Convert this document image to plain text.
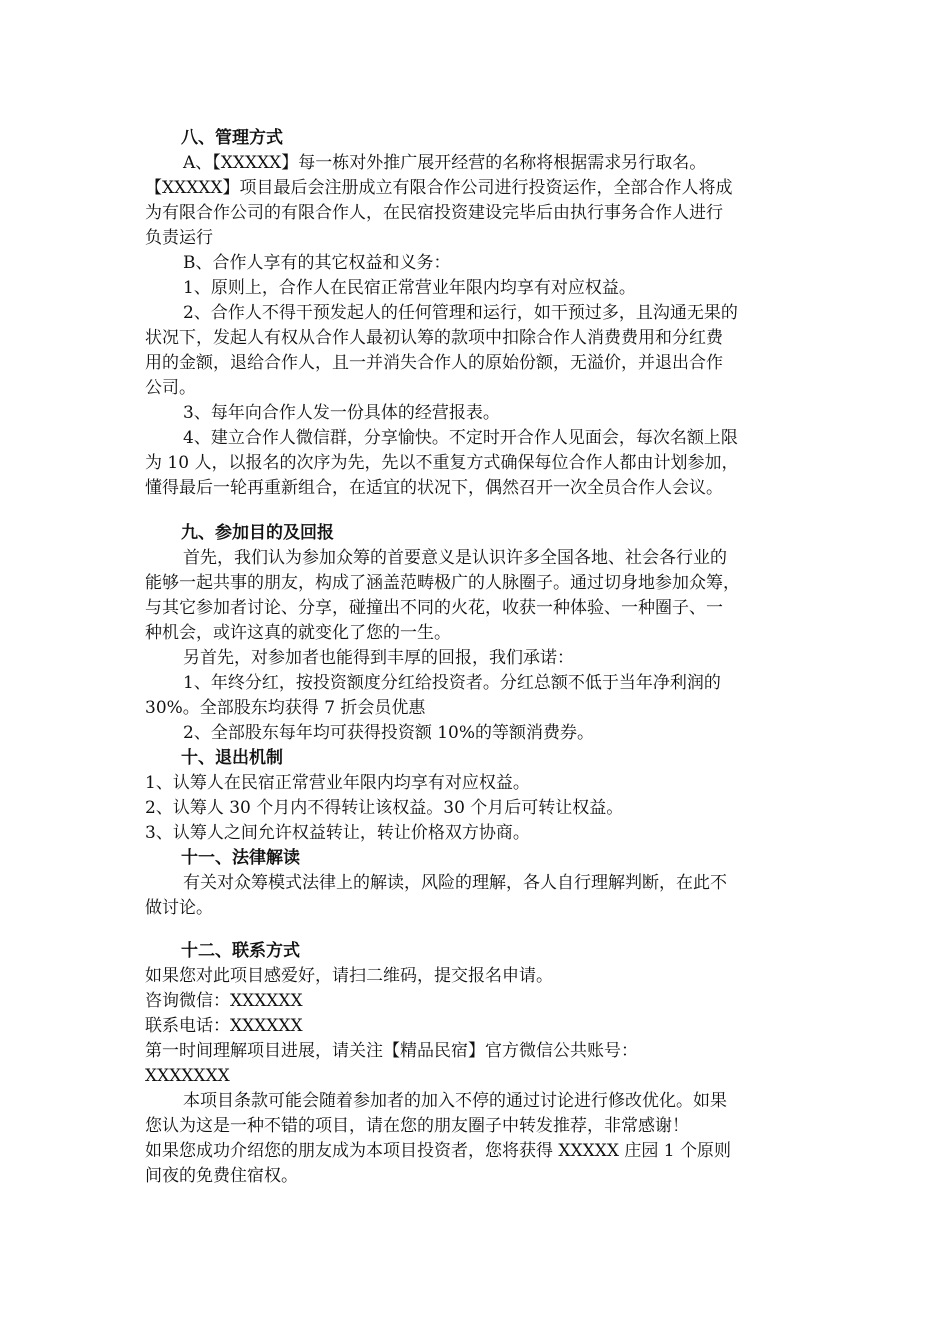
八、管理方式
A、【XXXXX】每一栋对外推广展开经营的名称将根据需求另行取名。
【XXXXX】项目最后会注册成立有限合作公司进行投资运作，全部合作人将成
为有限合作公司的有限合作人，在民宿投资建设完毕后由执行事务合作人进行
负责运行
B、合作人享有的其它权益和义务：
1、原则上，合作人在民宿正常营业年限内均享有对应权益。
2、合作人不得干预发起人的任何管理和运行，如干预过多，且沟通无果的
状况下，发起人有权从合作人最初认筹的款项中扣除合作人消费费用和分红费
用的金额，退给合作人，且一并消失合作人的原始份额，无溢价，并退出合作
公司。
3、每年向合作人发一份具体的经营报表。
4、建立合作人微信群，分享愉快。不定时开合作人见面会，每次名额上限
为 10 人，以报名的次序为先，先以不重复方式确保每位合作人都由计划参加，
懂得最后一轮再重新组合，在适宜的状况下，偶然召开一次全员合作人会议。
九、参加目的及回报
首先，我们认为参加众筹的首要意义是认识许多全国各地、社会各行业的
能够一起共事的朋友，构成了涵盖范畴极广的人脉圈子。通过切身地参加众筹，
与其它参加者讨论、分享，碰撞出不同的火花，收获一种体验、一种圈子、一
种机会，或许这真的就变化了您的一生。
另首先，对参加者也能得到丰厚的回报，我们承诺：
1、年终分红，按投资额度分红给投资者。分红总额不低于当年净利润的
30%。全部股东均获得 7 折会员优惠
2、全部股东每年均可获得投资额 10%的等额消费券。
十、退出机制
1、认筹人在民宿正常营业年限内均享有对应权益。
2、认筹人 30 个月内不得转让该权益。30 个月后可转让权益。
3、认筹人之间允许权益转让，转让价格双方协商。
十一、法律解读
有关对众筹模式法律上的解读，风险的理解，各人自行理解判断，在此不
做讨论。
十二、联系方式
如果您对此项目感爱好，请扫二维码，提交报名申请。
咨询微信：XXXXXX
联系电话：XXXXXX
第一时间理解项目进展，请关注【精品民宿】官方微信公共账号：
XXXXXXX
本项目条款可能会随着参加者的加入不停的通过讨论进行修改优化。如果
您认为这是一种不错的项目，请在您的朋友圈子中转发推荐，非常感谢！
如果您成功介绍您的朋友成为本项目投资者，您将获得 XXXXX 庄园 1 个原则
间夜的免费住宿权。
